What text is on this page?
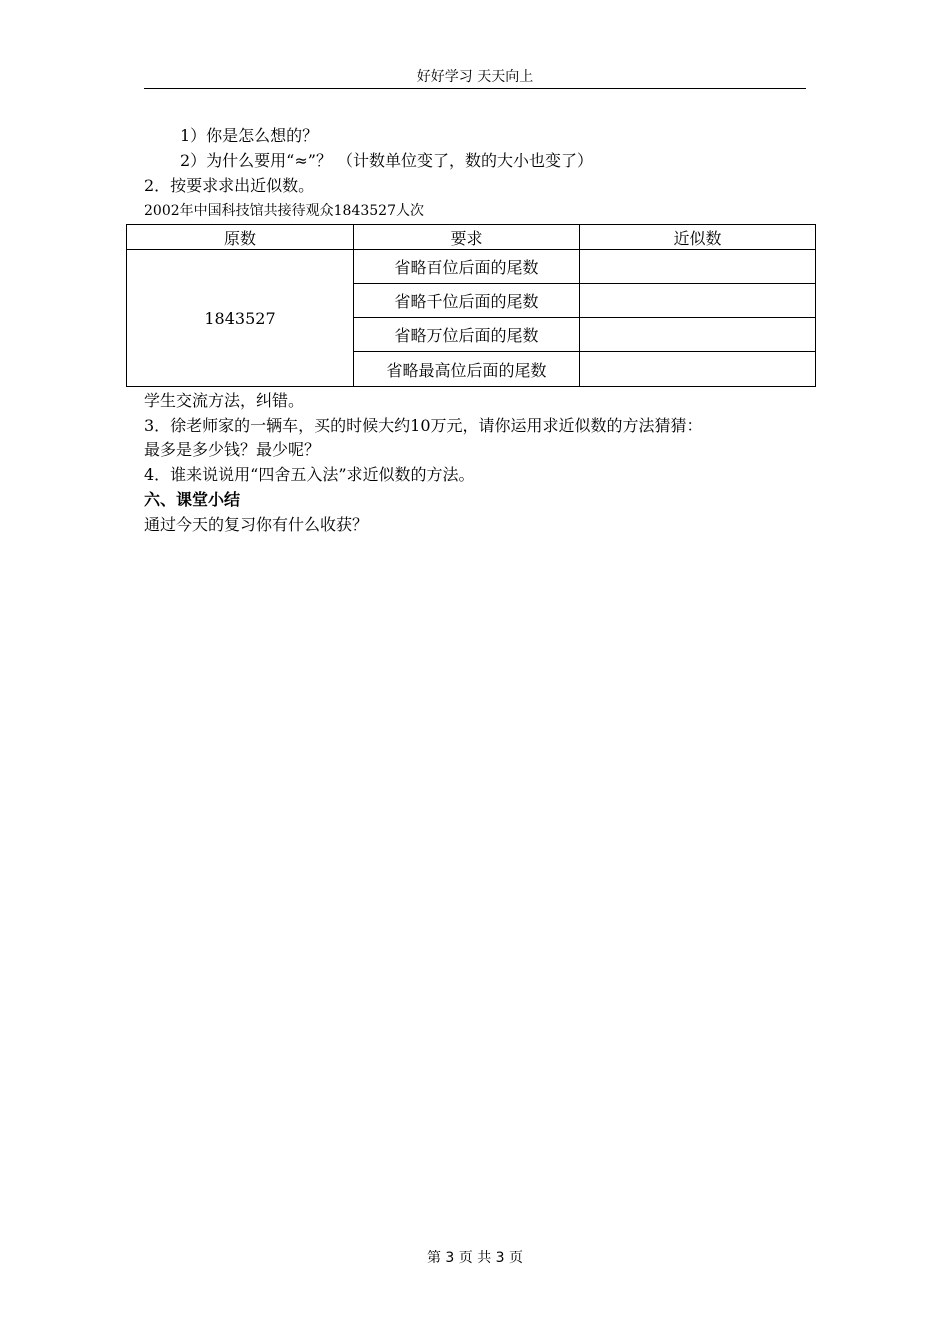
好好学习 天天向上
1）你是怎么想的？
2）为什么要用“≈”？ （计数单位变了，数的大小也变了）
2．按要求求出近似数。
2002年中国科技馆共接待观众1843527人次
原数	要求	近似数
1843527	省略百位后面的尾数	
	省略千位后面的尾数	
	省略万位后面的尾数	
	省略最高位后面的尾数	
学生交流方法，纠错。
3．徐老师家的一辆车，买的时候大约10万元，请你运用求近似数的方法猜猜：
最多是多少钱？最少呢？
4．谁来说说用“四舍五入法”求近似数的方法。
六、课堂小结
通过今天的复习你有什么收获？
第 3 页 共 3 页
